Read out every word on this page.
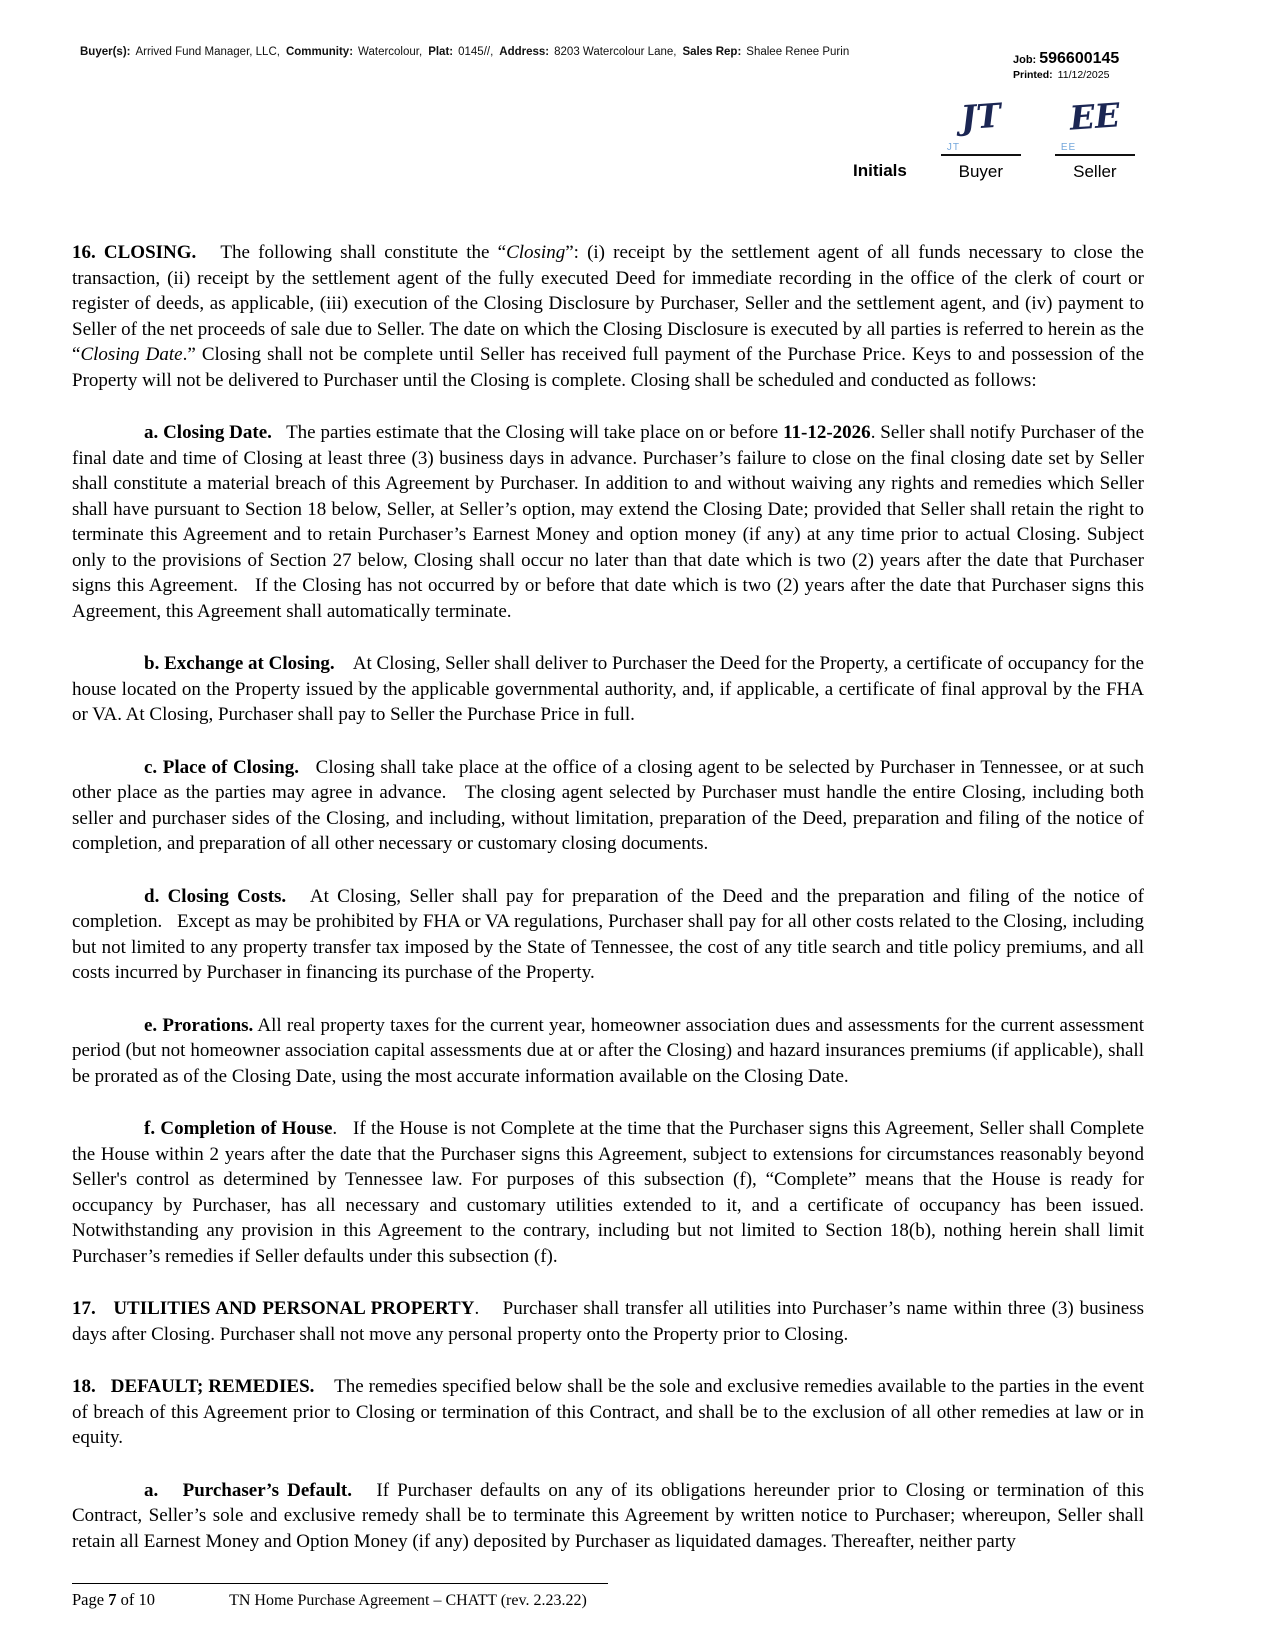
Buyer(s): Arrived Fund Manager, LLC, Community: Watercolour, Plat: 0145//, Address: 8203 Watercolour Lane, Sales Rep: Shalee Renee Purin
Job: 596600145
Printed: 11/12/2025
Initials
JT
JT
Buyer
EE
EE
Seller

16. CLOSING.   The following shall constitute the “Closing”: (i) receipt by the settlement agent of all funds necessary to close the transaction, (ii) receipt by the settlement agent of the fully executed Deed for immediate recording in the office of the clerk of court or register of deeds, as applicable, (iii) execution of the Closing Disclosure by Purchaser, Seller and the settlement agent, and (iv) payment to Seller of the net proceeds of sale due to Seller. The date on which the Closing Disclosure is executed by all parties is referred to herein as the “Closing Date.” Closing shall not be complete until Seller has received full payment of the Purchase Price. Keys to and possession of the Property will not be delivered to Purchaser until the Closing is complete. Closing shall be scheduled and conducted as follows:

a. Closing Date.   The parties estimate that the Closing will take place on or before 11-12-2026. Seller shall notify Purchaser of the final date and time of Closing at least three (3) business days in advance. Purchaser’s failure to close on the final closing date set by Seller shall constitute a material breach of this Agreement by Purchaser. In addition to and without waiving any rights and remedies which Seller shall have pursuant to Section 18 below, Seller, at Seller’s option, may extend the Closing Date; provided that Seller shall retain the right to terminate this Agreement and to retain Purchaser’s Earnest Money and option money (if any) at any time prior to actual Closing. Subject only to the provisions of Section 27 below, Closing shall occur no later than that date which is two (2) years after the date that Purchaser signs this Agreement.   If the Closing has not occurred by or before that date which is two (2) years after the date that Purchaser signs this Agreement, this Agreement shall automatically terminate.

b. Exchange at Closing.    At Closing, Seller shall deliver to Purchaser the Deed for the Property, a certificate of occupancy for the house located on the Property issued by the applicable governmental authority, and, if applicable, a certificate of final approval by the FHA or VA. At Closing, Purchaser shall pay to Seller the Purchase Price in full.

c. Place of Closing.   Closing shall take place at the office of a closing agent to be selected by Purchaser in Tennessee, or at such other place as the parties may agree in advance.   The closing agent selected by Purchaser must handle the entire Closing, including both seller and purchaser sides of the Closing, and including, without limitation, preparation of the Deed, preparation and filing of the notice of completion, and preparation of all other necessary or customary closing documents.

d. Closing Costs.   At Closing, Seller shall pay for preparation of the Deed and the preparation and filing of the notice of completion.   Except as may be prohibited by FHA or VA regulations, Purchaser shall pay for all other costs related to the Closing, including but not limited to any property transfer tax imposed by the State of Tennessee, the cost of any title search and title policy premiums, and all costs incurred by Purchaser in financing its purchase of the Property.

e. Prorations. All real property taxes for the current year, homeowner association dues and assessments for the current assessment period (but not homeowner association capital assessments due at or after the Closing) and hazard insurances premiums (if applicable), shall be prorated as of the Closing Date, using the most accurate information available on the Closing Date.

f. Completion of House.   If the House is not Complete at the time that the Purchaser signs this Agreement, Seller shall Complete the House within 2 years after the date that the Purchaser signs this Agreement, subject to extensions for circumstances reasonably beyond Seller's control as determined by Tennessee law. For purposes of this subsection (f), “Complete” means that the House is ready for occupancy by Purchaser, has all necessary and customary utilities extended to it, and a certificate of occupancy has been issued. Notwithstanding any provision in this Agreement to the contrary, including but not limited to Section 18(b), nothing herein shall limit Purchaser’s remedies if Seller defaults under this subsection (f).

17.   UTILITIES AND PERSONAL PROPERTY.    Purchaser shall transfer all utilities into Purchaser’s name within three (3) business days after Closing. Purchaser shall not move any personal property onto the Property prior to Closing.

18.   DEFAULT; REMEDIES.    The remedies specified below shall be the sole and exclusive remedies available to the parties in the event of breach of this Agreement prior to Closing or termination of this Contract, and shall be to the exclusion of all other remedies at law or in equity.

a.   Purchaser’s Default.   If Purchaser defaults on any of its obligations hereunder prior to Closing or termination of this Contract, Seller’s sole and exclusive remedy shall be to terminate this Agreement by written notice to Purchaser; whereupon, Seller shall retain all Earnest Money and Option Money (if any) deposited by Purchaser as liquidated damages. Thereafter, neither party

Page 7 of 10	TN Home Purchase Agreement – CHATT (rev. 2.23.22)
